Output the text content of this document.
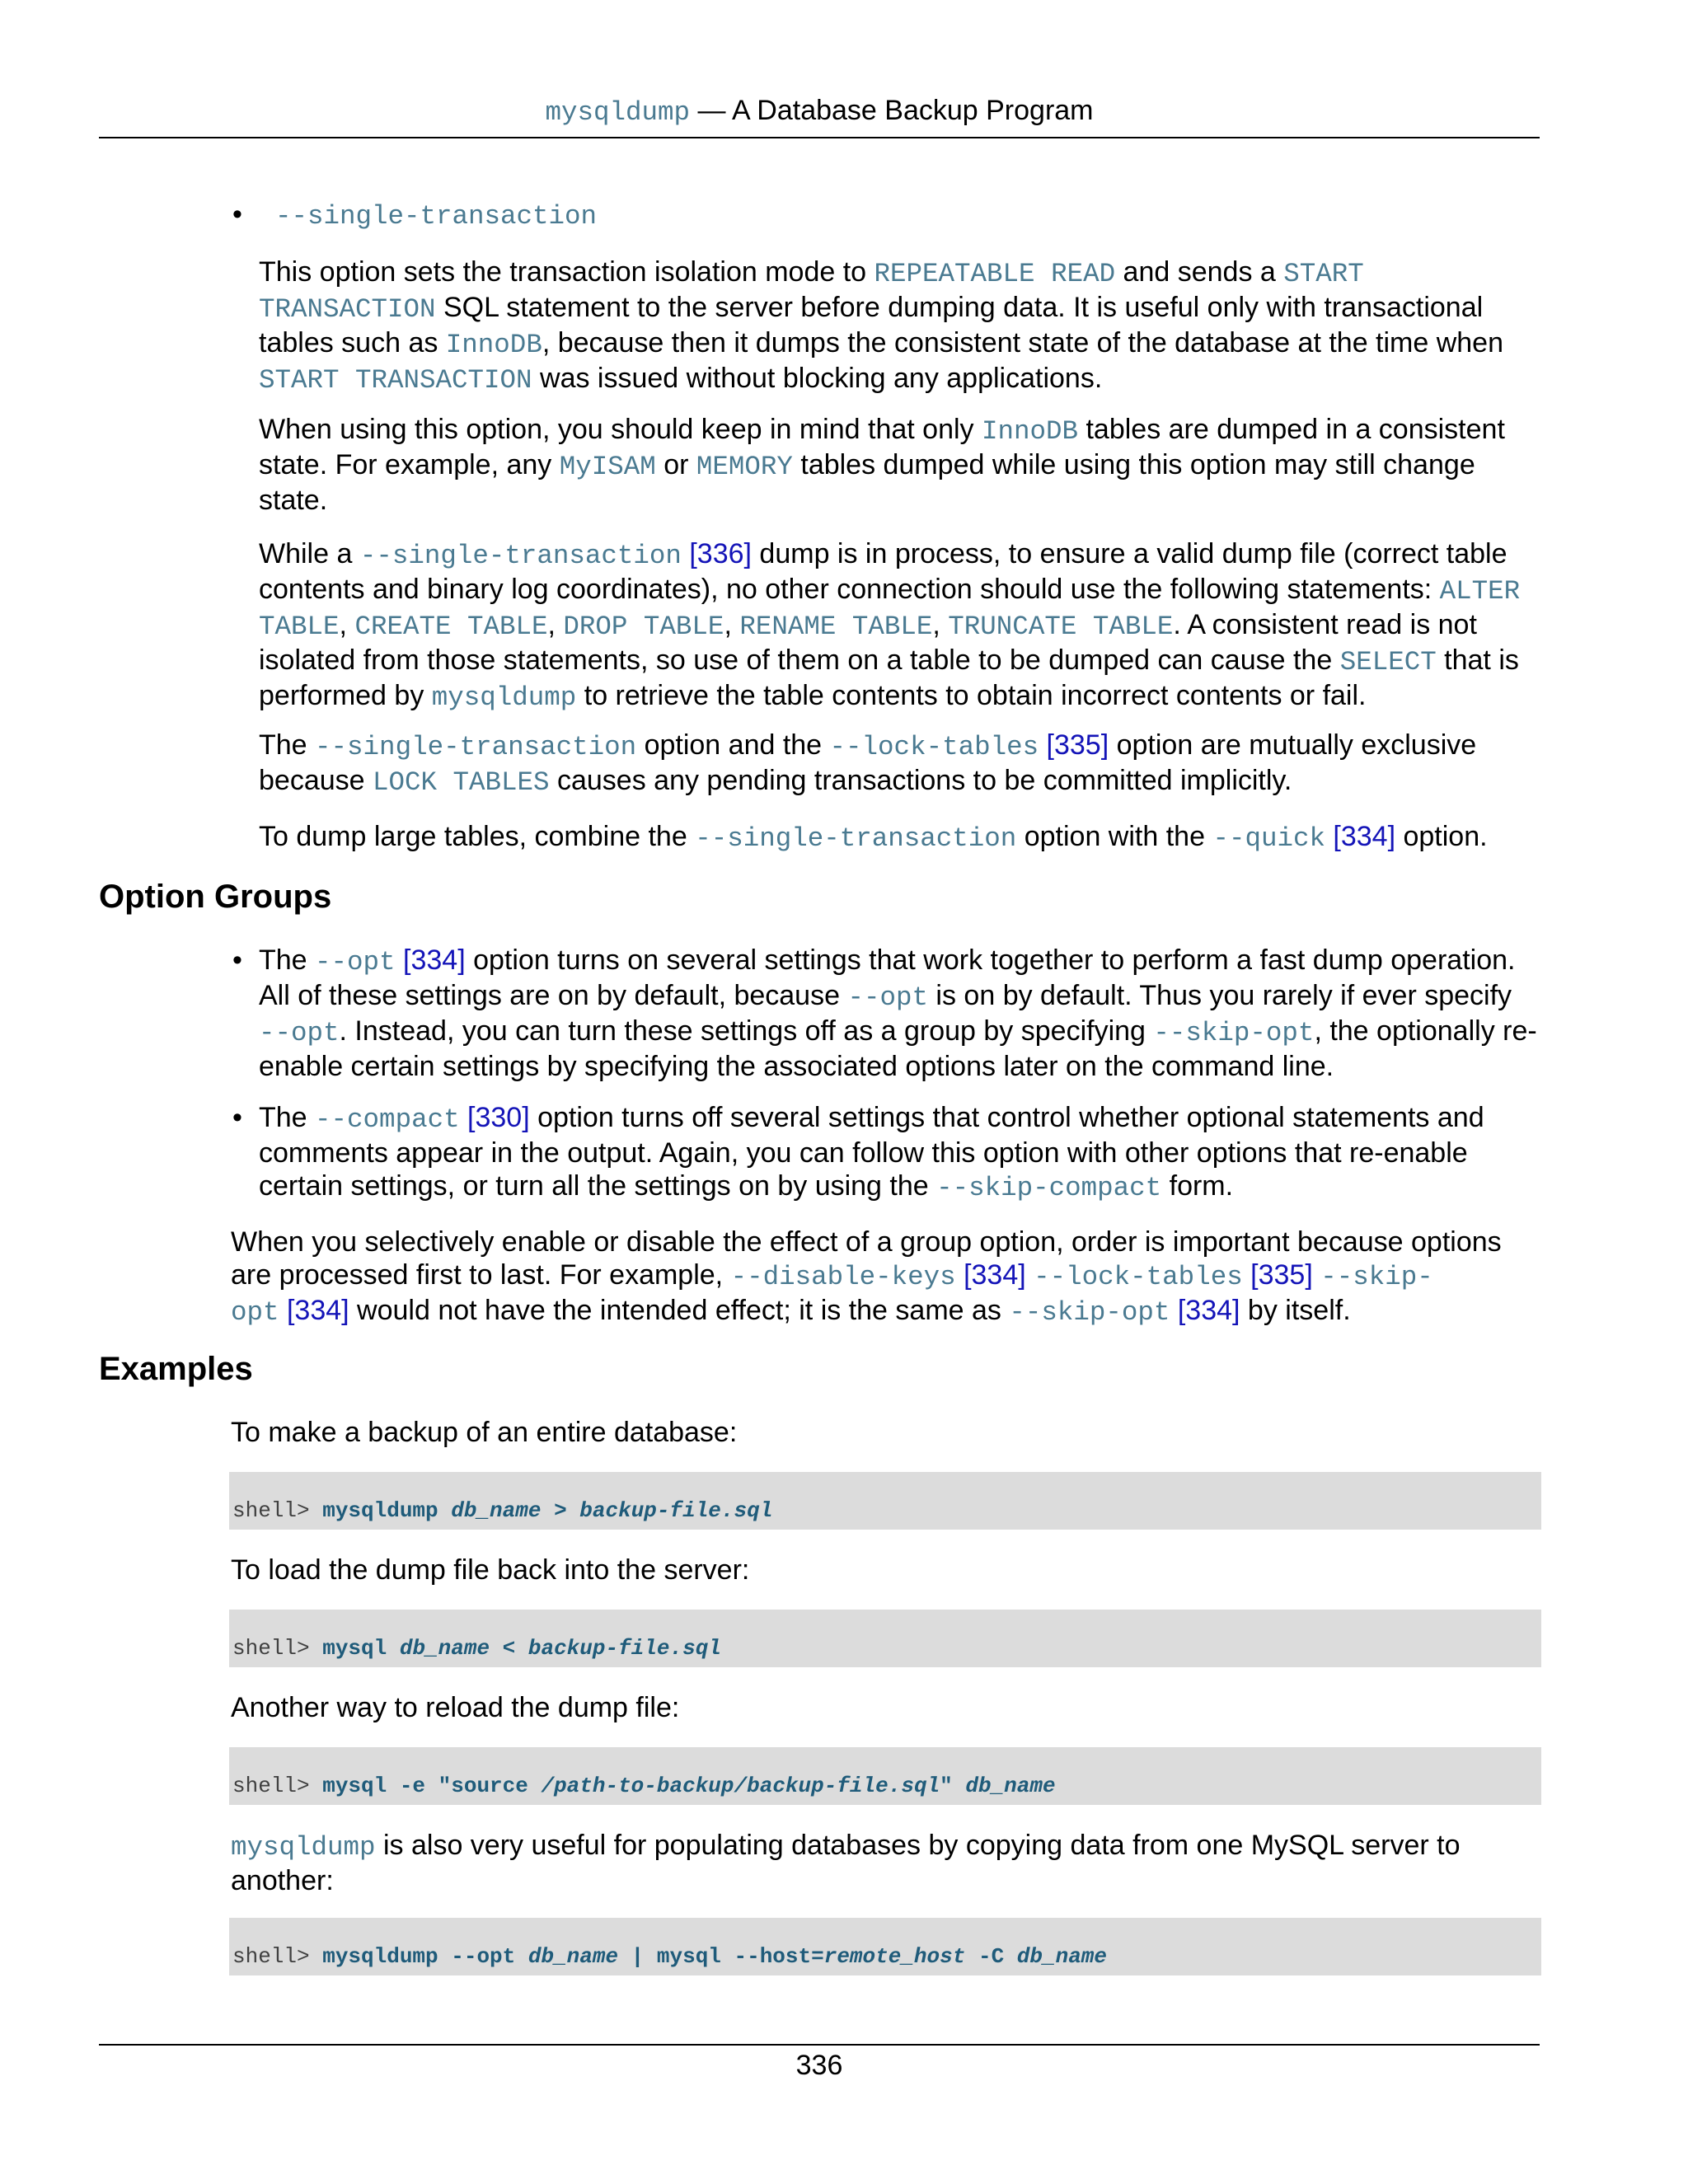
mysqldump — A Database Backup Program
• --single-transaction

This option sets the transaction isolation mode to REPEATABLE READ and sends a START
TRANSACTION SQL statement to the server before dumping data. It is useful only with transactional
tables such as InnoDB, because then it dumps the consistent state of the database at the time when
START TRANSACTION was issued without blocking any applications.

When using this option, you should keep in mind that only InnoDB tables are dumped in a consistent
state. For example, any MyISAM or MEMORY tables dumped while using this option may still change
state.

While a --single-transaction [336] dump is in process, to ensure a valid dump file (correct table
contents and binary log coordinates), no other connection should use the following statements: ALTER
TABLE, CREATE TABLE, DROP TABLE, RENAME TABLE, TRUNCATE TABLE. A consistent read is not
isolated from those statements, so use of them on a table to be dumped can cause the SELECT that is
performed by mysqldump to retrieve the table contents to obtain incorrect contents or fail.

The --single-transaction option and the --lock-tables [335] option are mutually exclusive
because LOCK TABLES causes any pending transactions to be committed implicitly.

To dump large tables, combine the --single-transaction option with the --quick [334] option.

Option Groups
• The --opt [334] option turns on several settings that work together to perform a fast dump operation.
All of these settings are on by default, because --opt is on by default. Thus you rarely if ever specify
--opt. Instead, you can turn these settings off as a group by specifying --skip-opt, the optionally re-
enable certain settings by specifying the associated options later on the command line.

• The --compact [330] option turns off several settings that control whether optional statements and
comments appear in the output. Again, you can follow this option with other options that re-enable
certain settings, or turn all the settings on by using the --skip-compact form.

When you selectively enable or disable the effect of a group option, order is important because options
are processed first to last. For example, --disable-keys [334] --lock-tables [335] --skip-
opt [334] would not have the intended effect; it is the same as --skip-opt [334] by itself.

Examples

To make a backup of an entire database:

shell> mysqldump db_name > backup-file.sql

To load the dump file back into the server:

shell> mysql db_name < backup-file.sql

Another way to reload the dump file:

shell> mysql -e "source /path-to-backup/backup-file.sql" db_name

mysqldump is also very useful for populating databases by copying data from one MySQL server to
another:

shell> mysqldump --opt db_name | mysql --host=remote_host -C db_name
336
